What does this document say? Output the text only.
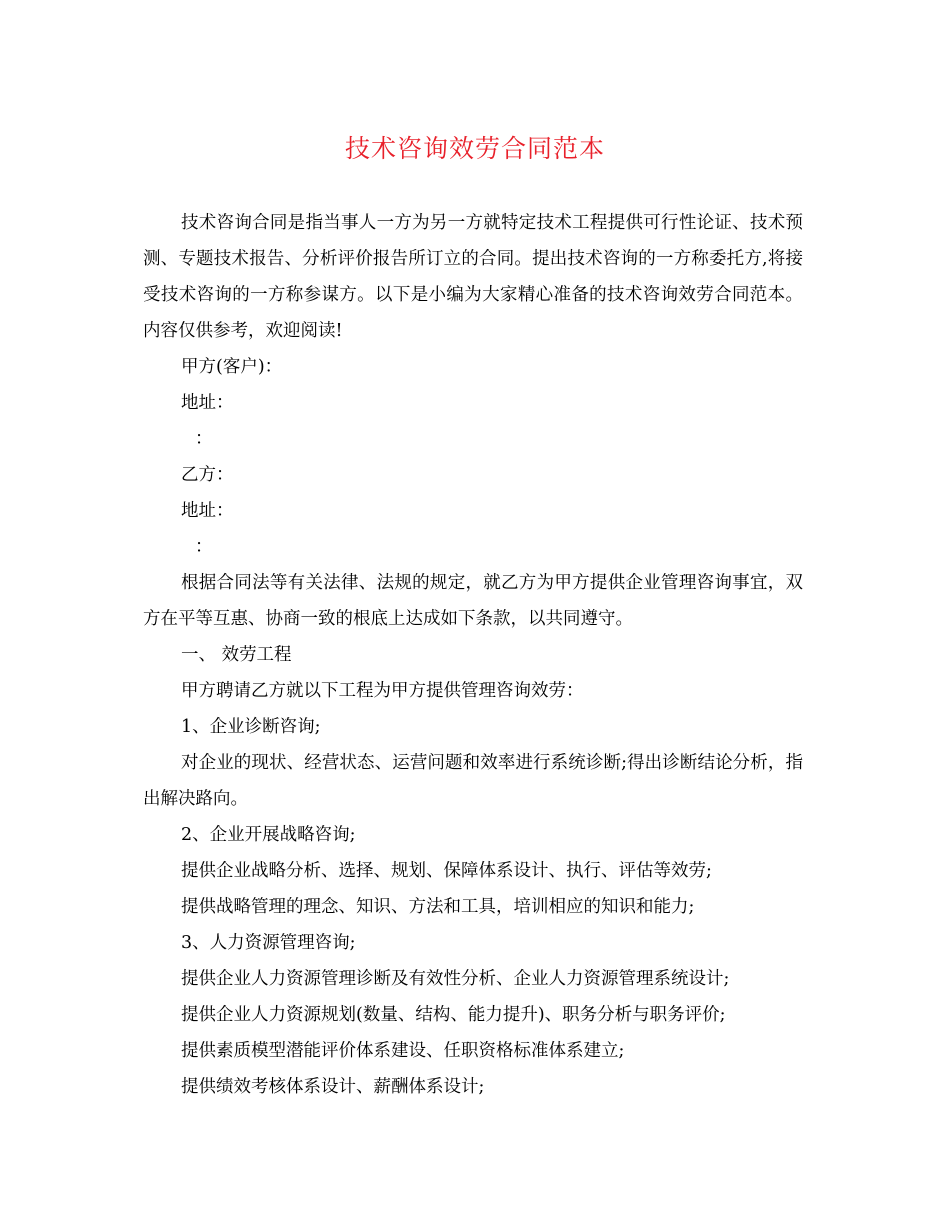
技术咨询效劳合同范本

技术咨询合同是指当事人一方为另一方就特定技术工程提供可行性论证、技术预测、专题技术报告、分析评价报告所订立的合同。提出技术咨询的一方称委托方,将接受技术咨询的一方称参谋方。以下是小编为大家精心准备的技术咨询效劳合同范本。内容仅供参考，欢迎阅读!

甲方(客户)：

地址：

：

乙方：

地址：

：

根据合同法等有关法律、法规的规定，就乙方为甲方提供企业管理咨询事宜，双方在平等互惠、协商一致的根底上达成如下条款，以共同遵守。

一、 效劳工程

甲方聘请乙方就以下工程为甲方提供管理咨询效劳：

1、企业诊断咨询;

对企业的现状、经营状态、运营问题和效率进行系统诊断;得出诊断结论分析，指出解决路向。

2、企业开展战略咨询;

提供企业战略分析、选择、规划、保障体系设计、执行、评估等效劳;

提供战略管理的理念、知识、方法和工具，培训相应的知识和能力;

3、人力资源管理咨询;

提供企业人力资源管理诊断及有效性分析、企业人力资源管理系统设计;

提供企业人力资源规划(数量、结构、能力提升)、职务分析与职务评价;

提供素质模型潜能评价体系建设、任职资格标准体系建立;

提供绩效考核体系设计、薪酬体系设计;
